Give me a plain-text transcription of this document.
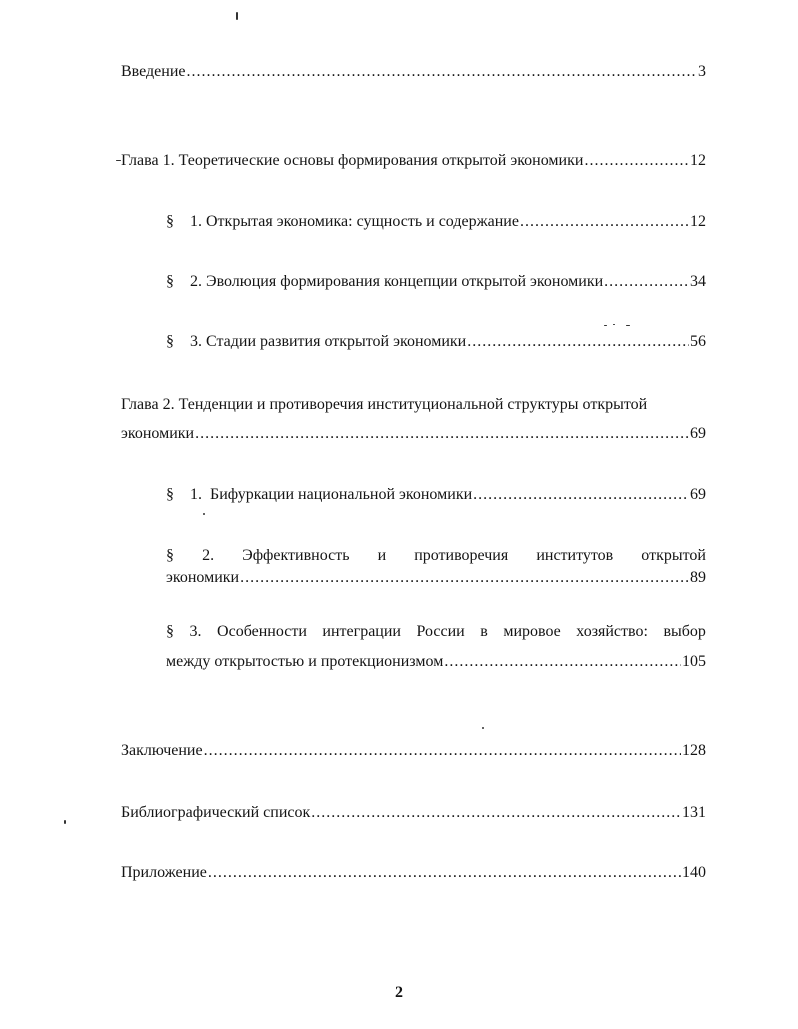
Введение .....	3
Глава 1. Теоретические основы формирования открытой экономики .....	12
§ 1. Открытая экономика: сущность и содержание .....	12
§ 2. Эволюция формирования концепции открытой экономики .....	34
§ 3. Стадии развития открытой экономики .....	56
Глава 2. Тенденции и противоречия институциональной структуры открытой
экономики .....	69
§ 1.  Бифуркации национальной экономики .....	69
§ 2. Эффективность и противоречия институтов открытой
экономики .....	89
§ 3. Особенности интеграции России в мировое хозяйство: выбор
между открытостью и протекционизмом .....	105
Заключение .....	128
Библиографический список .....	131
Приложение .....	140
2
